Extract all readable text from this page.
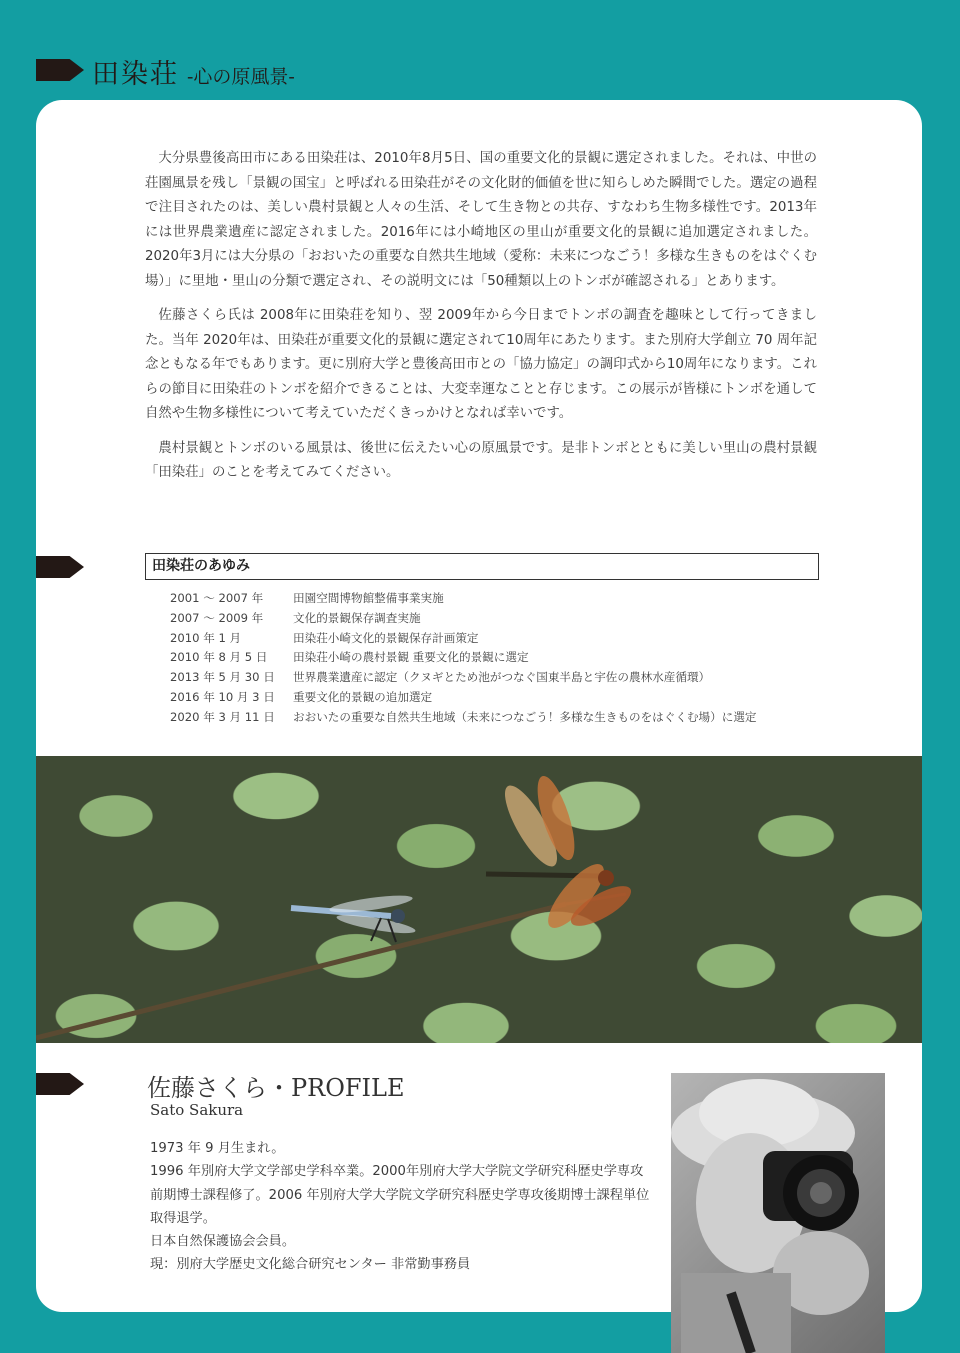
田染荘 -心の原風景-

大分県豊後高田市にある田染荘は、2010年8月5日、国の重要文化的景観に選定されました。それは、中世の荘園風景を残し「景観の国宝」と呼ばれる田染荘がその文化財的価値を世に知らしめた瞬間でした。選定の過程で注目されたのは、美しい農村景観と人々の生活、そして生き物との共存、すなわち生物多様性です。2013年には世界農業遺産に認定されました。2016年には小崎地区の里山が重要文化的景観に追加選定されました。2020年3月には大分県の「おおいたの重要な自然共生地域（愛称：未来につなごう！多様な生きものをはぐくむ場）」に里地・里山の分類で選定され、その説明文には「50種類以上のトンボが確認される」とあります。

佐藤さくら氏は 2008年に田染荘を知り、翌 2009年から今日までトンボの調査を趣味として行ってきました。当年 2020年は、田染荘が重要文化的景観に選定されて10周年にあたります。また別府大学創立 70 周年記念ともなる年でもあります。更に別府大学と豊後高田市との「協力協定」の調印式から10周年になります。これらの節目に田染荘のトンボを紹介できることは、大変幸運なことと存じます。この展示が皆様にトンボを通して自然や生物多様性について考えていただくきっかけとなれば幸いです。

農村景観とトンボのいる風景は、後世に伝えたい心の原風景です。是非トンボとともに美しい里山の農村景観「田染荘」のことを考えてみてください。

田染荘のあゆみ
2001 ～ 2007 年	田園空間博物館整備事業実施
2007 ～ 2009 年	文化的景観保存調査実施
2010 年 1 月	田染荘小崎文化的景観保存計画策定
2010 年 8 月 5 日	田染荘小崎の農村景観 重要文化的景観に選定
2013 年 5 月 30 日	世界農業遺産に認定（クヌギとため池がつなぐ国東半島と宇佐の農林水産循環）
2016 年 10 月 3 日	重要文化的景観の追加選定
2020 年 3 月 11 日	おおいたの重要な自然共生地域（未来につなごう！多様な生きものをはぐくむ場）に選定
佐藤さくら・PROFILE
Sato Sakura

1973 年 9 月生まれ。

1996 年別府大学文学部史学科卒業。2000年別府大学大学院文学研究科歴史学専攻前期博士課程修了。2006 年別府大学大学院文学研究科歴史学専攻後期博士課程単位取得退学。

日本自然保護協会会員。

現：別府大学歴史文化総合研究センター 非常勤事務員
